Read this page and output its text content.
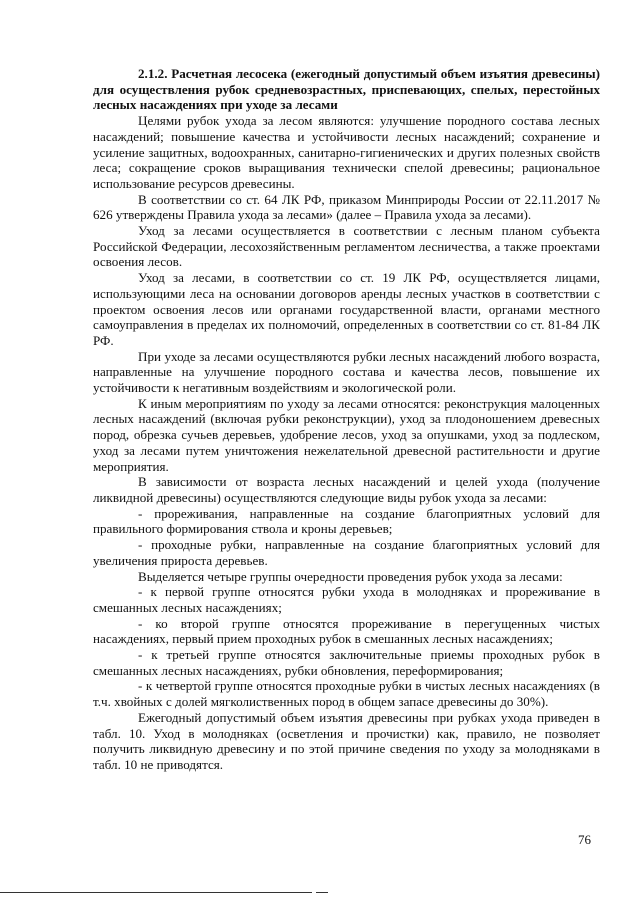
2.1.2. Расчетная лесосека (ежегодный допустимый объем изъятия древесины) для осуществления рубок средневозрастных, приспевающих, спелых, перестойных лесных насаждениях при уходе за лесами

Целями рубок ухода за лесом являются: улучшение породного состава лесных насаждений; повышение качества и устойчивости лесных насаждений; сохранение и усиление защитных, водоохранных, санитарно-гигиенических и других полезных свойств леса; сокращение сроков выращивания технически спелой древесины; рациональное использование ресурсов древесины.

В соответствии со ст. 64 ЛК РФ, приказом Минприроды России от 22.11.2017 № 626 утверждены Правила ухода за лесами» (далее – Правила ухода за лесами).

Уход за лесами осуществляется в соответствии с лесным планом субъекта Российской Федерации, лесохозяйственным регламентом лесничества, а также проектами освоения лесов.

Уход за лесами, в соответствии со ст. 19 ЛК РФ, осуществляется лицами, использующими леса на основании договоров аренды лесных участков в соответствии с проектом освоения лесов или органами государственной власти, органами местного самоуправления в пределах их полномочий, определенных в соответствии со ст. 81-84 ЛК РФ.

При уходе за лесами осуществляются рубки лесных насаждений любого возраста, направленные на улучшение породного состава и качества лесов, повышение их устойчивости к негативным воздействиям и экологической роли.

К иным мероприятиям по уходу за лесами относятся: реконструкция малоценных лесных насаждений (включая рубки реконструкции), уход за плодоношением древесных пород, обрезка сучьев деревьев, удобрение лесов, уход за опушками, уход за подлеском, уход за лесами путем уничтожения нежелательной древесной растительности и другие мероприятия.

В зависимости от возраста лесных насаждений и целей ухода (получение ликвидной древесины) осуществляются следующие виды рубок ухода за лесами:

- прореживания, направленные на создание благоприятных условий для правильного формирования ствола и кроны деревьев;

- проходные рубки, направленные на создание благоприятных условий для увеличения прироста деревьев.

Выделяется четыре группы очередности проведения рубок ухода за лесами:

- к первой группе относятся рубки ухода в молодняках и прореживание в смешанных лесных насаждениях;

- ко второй группе относятся прореживание в перегущенных чистых насаждениях, первый прием проходных рубок в смешанных лесных насаждениях;

- к третьей группе относятся заключительные приемы проходных рубок в смешанных лесных насаждениях, рубки обновления, переформирования;

- к четвертой группе относятся проходные рубки в чистых лесных насаждениях (в т.ч. хвойных с долей мягколиственных пород в общем запасе древесины до 30%).

Ежегодный допустимый объем изъятия древесины при рубках ухода приведен в табл. 10. Уход в молодняках (осветления и прочистки) как, правило, не позволяет получить ликвидную древесину и по этой причине сведения по уходу за молодняками в табл. 10 не приводятся.

76
